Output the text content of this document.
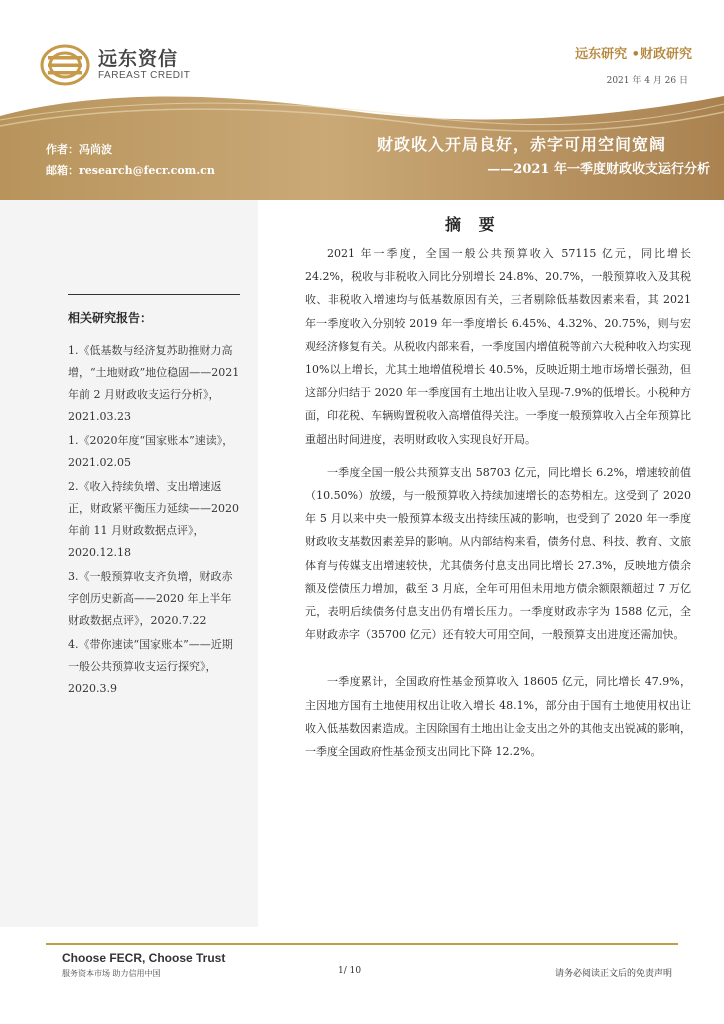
远东资信
FAREAST CREDIT
远东研究 •财政研究
2021 年 4 月 26 日
作者：冯尚波
邮箱：research@fecr.com.cn
财政收入开局良好，赤字可用空间宽阔
——2021 年一季度财政收支运行分析
相关研究报告：
1.《低基数与经济复苏助推财力高增，“土地财政”地位稳固——2021 年前 2 月财政收支运行分析》，2021.03.23
1.《2020年度“国家账本”速读》，2021.02.05
2.《收入持续负增、支出增速返正，财政紧平衡压力延续——2020 年前 11 月财政数据点评》，2020.12.18
3.《一般预算收支齐负增，财政赤字创历史新高——2020 年上半年财政数据点评》，2020.7.22
4.《带你速读“国家账本”——近期一般公共预算收支运行探究》，2020.3.9
摘 要

2021 年一季度，全国一般公共预算收入 57115 亿元，同比增长 24.2%，税收与非税收入同比分别增长 24.8%、20.7%，一般预算收入及其税收、非税收入增速均与低基数原因有关，三者剔除低基数因素来看，其 2021 年一季度收入分别较 2019 年一季度增长 6.45%、4.32%、20.75%，则与宏观经济修复有关。从税收内部来看，一季度国内增值税等前六大税种收入均实现 10%以上增长，尤其土地增值税增长 40.5%，反映近期土地市场增长强劲，但这部分归结于 2020 年一季度国有土地出让收入呈现-7.9%的低增长。小税种方面，印花税、车辆购置税收入高增值得关注。一季度一般预算收入占全年预算比重超出时间进度，表明财政收入实现良好开局。

一季度全国一般公共预算支出 58703 亿元，同比增长 6.2%，增速较前值（10.50%）放缓，与一般预算收入持续加速增长的态势相左。这受到了 2020 年 5 月以来中央一般预算本级支出持续压减的影响，也受到了 2020 年一季度财政收支基数因素差异的影响。从内部结构来看，债务付息、科技、教育、文旅体育与传媒支出增速较快，尤其债务付息支出同比增长 27.3%，反映地方债余额及偿债压力增加，截至 3 月底，全年可用但未用地方债余额限额超过 7 万亿元，表明后续债务付息支出仍有增长压力。一季度财政赤字为 1588 亿元，全年财政赤字（35700 亿元）还有较大可用空间，一般预算支出进度还需加快。

一季度累计，全国政府性基金预算收入 18605 亿元，同比增长 47.9%，主因地方国有土地使用权出让收入增长 48.1%，部分由于国有土地使用权出让收入低基数因素造成。主因除国有土地出让金支出之外的其他支出锐减的影响，一季度全国政府性基金预支出同比下降 12.2%。

Choose FECR, Choose Trust
服务资本市场 助力信用中国	1/ 10	请务必阅读正文后的免责声明
